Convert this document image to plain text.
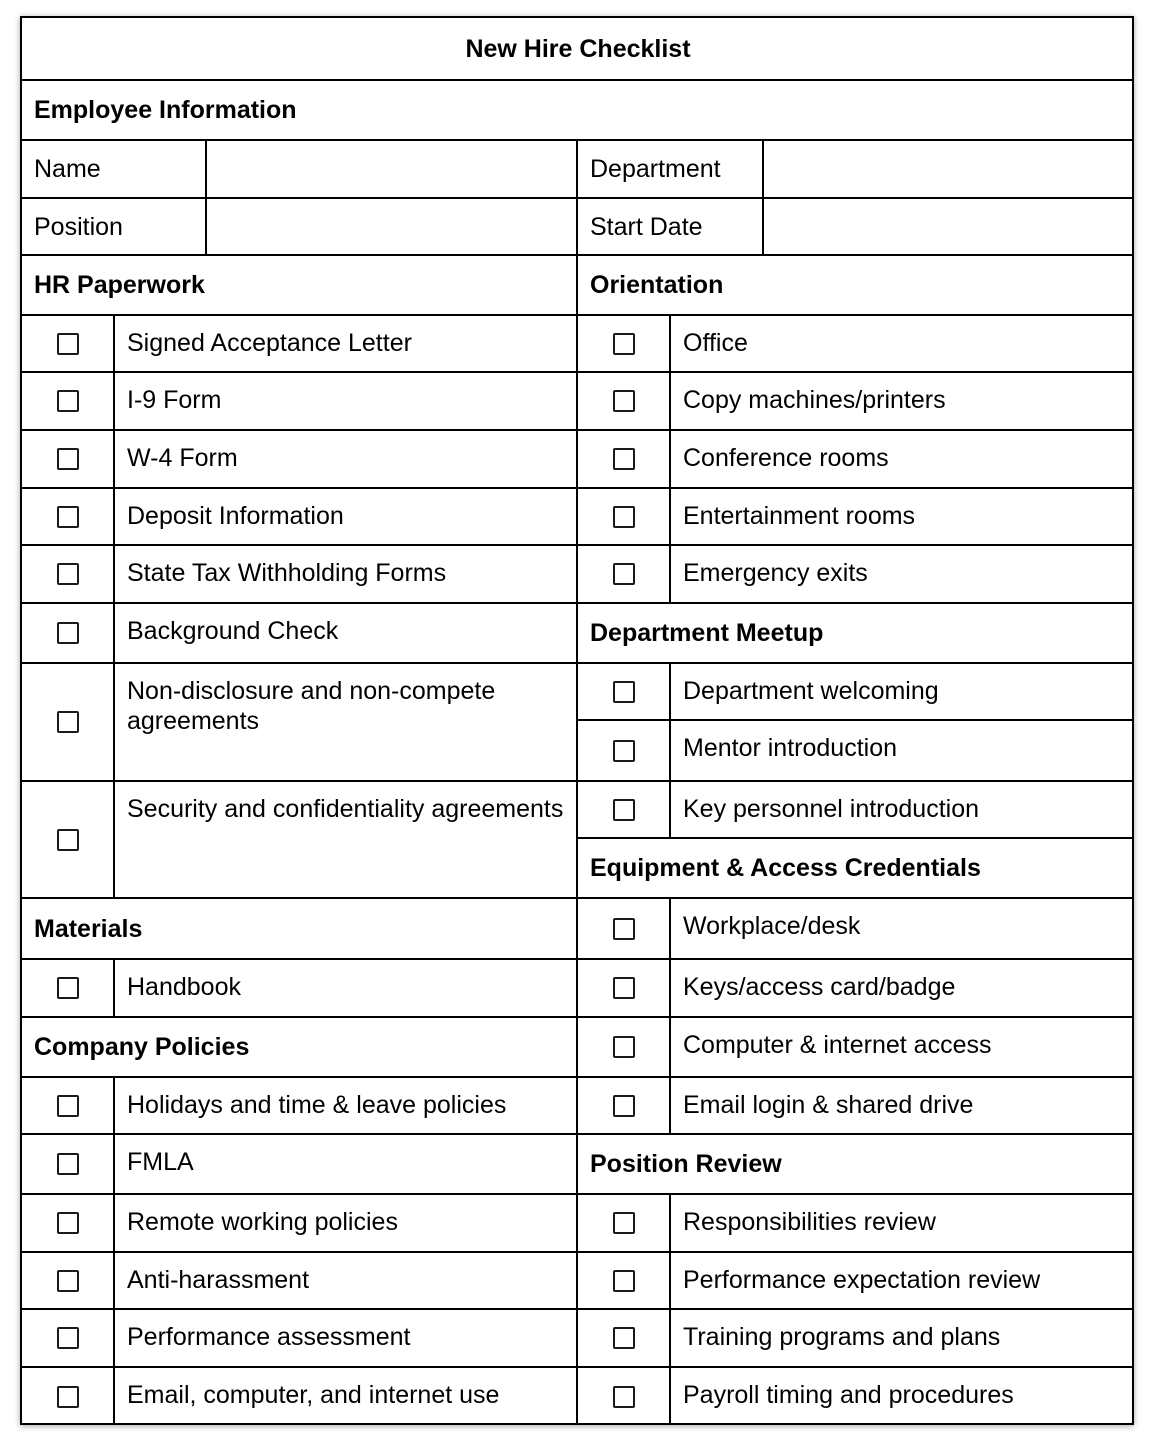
New Hire Checklist
Employee Information
Name	Department
Position	Start Date
HR Paperwork
Signed Acceptance Letter
I-9 Form
W-4 Form
Deposit Information
State Tax Withholding Forms
Background Check
Non-disclosure and non-compete agreements
Security and confidentiality agreements
Materials
Handbook
Company Policies
Holidays and time & leave policies
FMLA
Remote working policies
Anti-harassment
Performance assessment
Email, computer, and internet use
Orientation
Office
Copy machines/printers
Conference rooms
Entertainment rooms
Emergency exits
Department Meetup
Department welcoming
Mentor introduction
Key personnel introduction
Equipment & Access Credentials
Workplace/desk
Keys/access card/badge
Computer & internet access
Email login & shared drive
Position Review
Responsibilities review
Performance expectation review
Training programs and plans
Payroll timing and procedures
